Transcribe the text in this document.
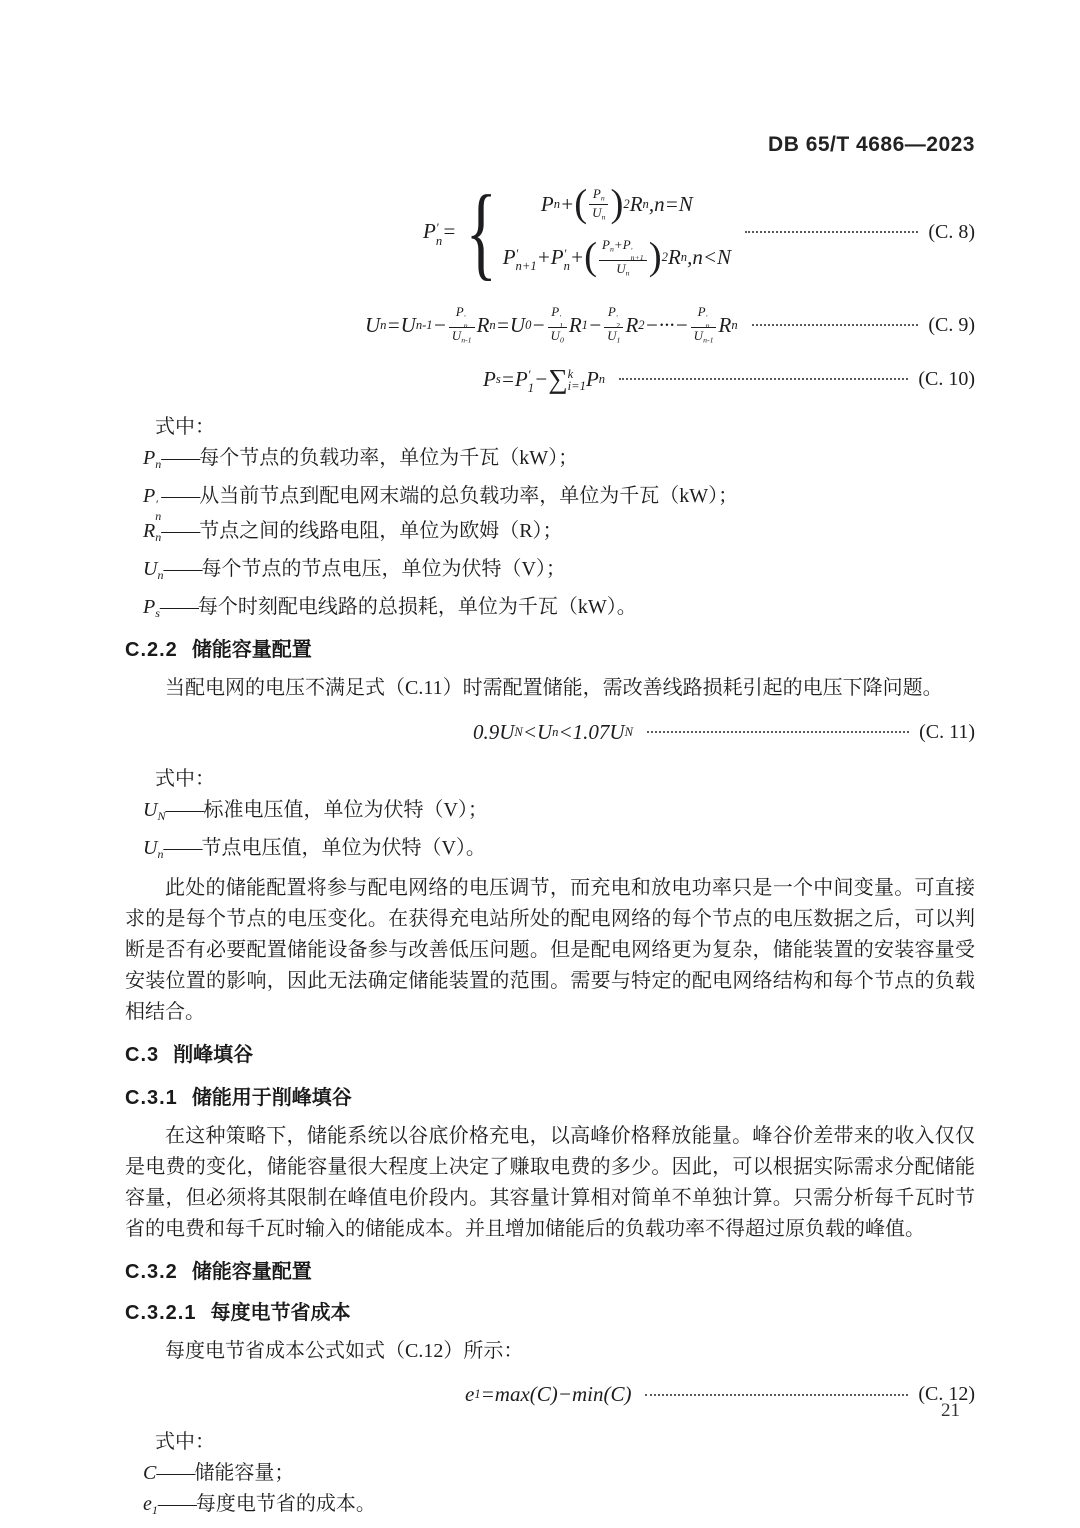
DB 65/T 4686—2023
P ′
n = { P n + ( $\frac{P_n}{U_n}$ ) 2 R n ,n=N
P ′
n+1 + P ′
n + ( $P_n+P$ ′
n+1
$U_n$ ) 2 R n ,n<N
(C. 8)
U n = U n-1 − P ′
n
$U_{n-1}$ R n = U 0 − P ′
1
$U_0$ R 1 − P ′
2
$U_1$ R 2 −···− P ′
n
$U_{n-1}$ R n	(C. 9)
P s = P ′
1 − ∑ k
i=1 P n	(C. 10)
式中：
$P_n——$每个节点的负载功率，单位为千瓦（kW）；
P ′
n
——从当前节点到配电网末端的总负载功率，单位为千瓦（kW）；
$R_n——$节点之间的线路电阻，单位为欧姆（R）；
$U_n——$每个节点的节点电压，单位为伏特（V）；
$P_s——$每个时刻配电线路的总损耗，单位为千瓦（kW）。
C.2.2 储能容量配置
当配电网的电压不满足式（C.11）时需配置储能，需改善线路损耗引起的电压下降问题。
0.9 U N < U n <1.07 U N	(C. 11)
式中：
$U_N——$标准电压值，单位为伏特（V）；
$U_n——$节点电压值，单位为伏特（V）。
此处的储能配置将参与配电网络的电压调节，而充电和放电功率只是一个中间变量。可直接求的是每个节点的电压变化。在获得充电站所处的配电网络的每个节点的电压数据之后，可以判断是否有必要配置储能设备参与改善低压问题。但是配电网络更为复杂，储能装置的安装容量受安装位置的影响，因此无法确定储能装置的范围。需要与特定的配电网络结构和每个节点的负载相结合。
C.3 削峰填谷
C.3.1 储能用于削峰填谷
在这种策略下，储能系统以谷底价格充电，以高峰价格释放能量。峰谷价差带来的收入仅仅是电费的变化，储能容量很大程度上决定了赚取电费的多少。因此，可以根据实际需求分配储能容量，但必须将其限制在峰值电价段内。其容量计算相对简单不单独计算。只需分析每千瓦时节省的电费和每千瓦时输入的储能成本。并且增加储能后的负载功率不得超过原负载的峰值。
C.3.2 储能容量配置
C.3.2.1 每度电节省成本
每度电节省成本公式如式（C.12）所示：
e 1 =max(C)−min(C)	(C. 12)
式中：
C——储能容量；
$e_1——$每度电节省的成本。
21
